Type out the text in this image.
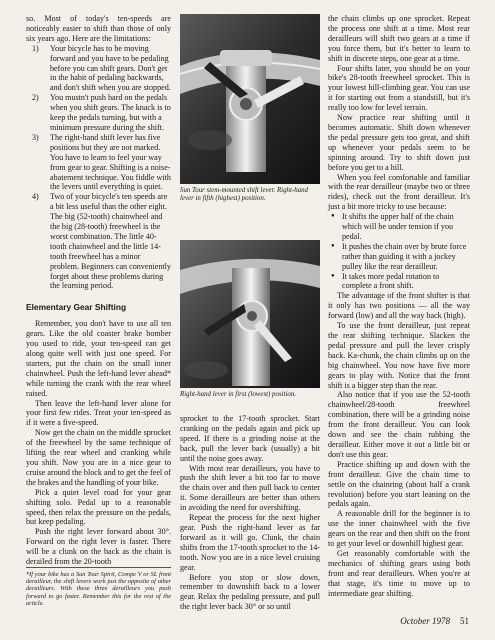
so. Most of today's ten-speeds are noticeably easier to shift than those of only six years ago. Here are the limitations:

1) Your bicycle has to be moving forward and you have to be pedaling before you can shift gears. Don't get in the habit of pedaling backwards, and don't shift when you are stopped.
2) You mustn't push hard on the pedals when you shift gears. The knack is to keep the pedals turning, but with a minimum pressure during the shift.
3) The right-hand shift lever has five positions but they are not marked. You have to learn to feel your way from gear to gear. Shifting is a noise-abatement technique. You fiddle with the levers until everything is quiet.
4) Two of your bicycle's ten speeds are a bit less useful than the other eight. The big (52-tooth) chainwheel and the big (28-tooth) freewheel is the worst combination. The little 40-tooth chainwheel and the little 14-tooth freewheel has a minor problem. Beginners can conveniently forget about these problems during the learning period.
Elementary Gear Shifting

Remember, you don't have to use all ten gears. Like the old coaster brake bomber you used to ride, your ten-speed can get along quite well with just one speed. For starters, put the chain on the small inner chainwheel. Push the left-hand lever ahead* while turning the crank with the rear wheel raised.

Then leave the left-hand lever alone for your first few rides. Treat your ten-speed as if it were a five-speed.

Now get the chain on the middle sprocket of the freewheel by the same technique of lifting the rear wheel and cranking while you shift. Now you are in a nice gear to cruise around the block and to get the feel of the brakes and the handling of your bike.

Pick a quiet level road for your gear shifting solo. Pedal up to a reasonable speed, then relax the pressure on the pedals, but keep pedaling.

Push the right lever forward about 30°. Forward on the right lever is faster. There will be a clunk on the back as the chain is derailed from the 20-tooth

*If your bike has a Sun Tour Spirit, Compe V or SL front derailleur, the shift levers work just the opposite of other derailleurs. With these three derailleurs you push forward to go faster. Remember this for the rest of the article.

Sun Tour stem-mounted shift lever. Right-hand lever in fifth (highest) position.
Right-hand lever in first (lowest) position.

sprocket to the 17-tooth sprocket. Start cranking on the pedals again and pick up speed. If there is a grinding noise at the back, pull the lever back (usually) a bit until the noise goes away.

With most rear derailleurs, you have to push the shift lever a bit too far to move the chain over and then pull back to center it. Some derailleurs are better than others in avoiding the need for overshifting.

Repeat the process for the next higher gear. Push the right-hand lever as far forward as it will go. Clunk, the chain shifts from the 17-tooth sprocket to the 14-tooth. Now you are in a nice level cruising gear.

Before you stop or slow down, remember to downshift back to a lower gear. Relax the pedaling pressure, and pull the right lever back 30° or so until

the chain climbs up one sprocket. Repeat the process one shift at a time. Most rear derailleurs will shift two gears at a time if you force them, but it's better to learn to shift in discrete steps, one gear at a time.

Four shifts later, you should be on your bike's 28-tooth freewheel sprocket. This is your lowest hill-climbing gear. You can use it for starting out from a standstill, but it's really too low for level terrain.

Now practice rear shifting until it becomes automatic. Shift down whenever the pedal pressure gets too great, and shift up whenever your pedals seem to be spinning around. Try to shift down just before you get to a hill.

When you feel comfortable and familiar with the rear derailleur (maybe two or three rides), check out the front derailleur. It's just a bit more tricky to use because:

● It shifts the upper half of the chain which will be under tension if you pedal.
● It pushes the chain over by brute force rather than guiding it with a jockey pulley like the rear derailleur.
● It takes more pedal rotation to complete a front shift.

The advantage of the front shifter is that it only has two positions — all the way forward (low) and all the way back (high).

To use the front derailleur, just repeat the rear shifting technique. Slacken the pedal pressure and pull the lever crisply back. Ka-chunk, the chain climbs up on the big chainwheel. You now have five more gears to play with. Notice that the front shift is a bigger step than the rear.

Also notice that if you use the 52-tooth chainwheel/28-tooth freewheel combination, there will be a grinding noise from the front derailleur. You can look down and see the chain rubbing the derailleur. Either move it out a little bit or don't use this gear.

Practice shifting up and down with the front derailleur. Give the chain time to settle on the chainring (about half a crank revolution) before you start leaning on the pedals again.

A reasonable drill for the beginner is to use the inner chainwheel with the five gears on the rear and then shift on the front to get your level or downhill highest gear.

Get reasonably comfortable with the mechanics of shifting gears using both front and rear derailleurs. When you're at that stage, it's time to move up to intermediate gear shifting.

October 1978 51
